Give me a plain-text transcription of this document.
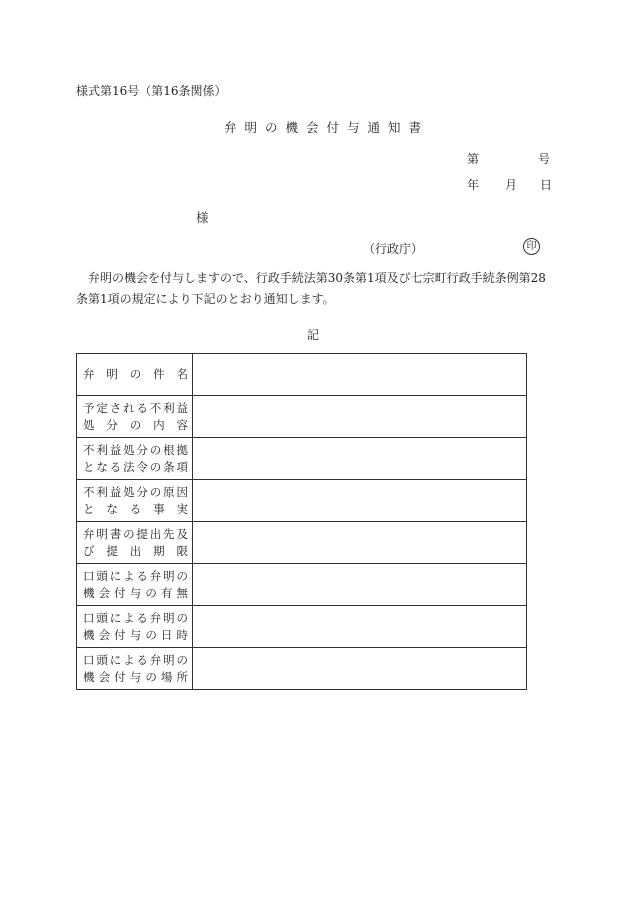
様式第16号（第16条関係）
弁明の機会付与通知書
第	号
年 月 日
様
（行政庁）	印
弁明の機会を付与しますので、行政手続法第30条第1項及び七宗町行政手続条例第28条第1項の規定により下記のとおり通知します。
記
弁明の件名	

予定される不利益
処分の内容	

不利益処分の根拠
となる法令の条項	

不利益処分の原因
となる事実	

弁明書の提出先及
び提出期限	

口頭による弁明の
機会付与の有無	

口頭による弁明の
機会付与の日時	

口頭による弁明の
機会付与の場所	
